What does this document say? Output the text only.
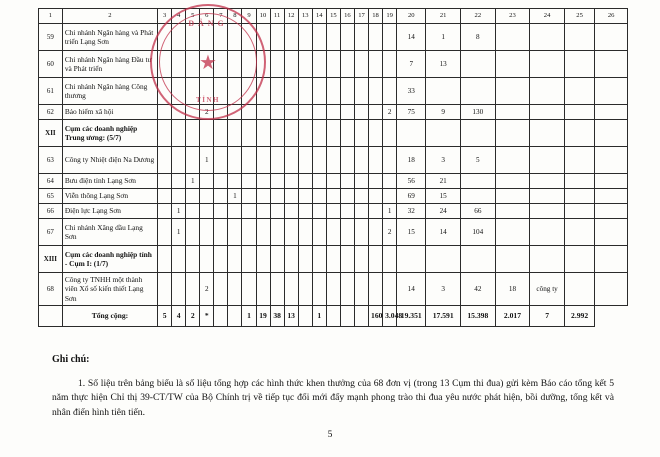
1	2	3	4	5	6	7	8	9	10	11	12	13	14	15	16	17	18	19	20	21	22	23	24	25	26
59	Chi nhánh Ngân hàng và Phát triển Lạng Sơn																		14	1	8				
60	Chi nhánh Ngân hàng Đầu tư và Phát triển																		7	13					
61	Chi nhánh Ngân hàng Công thương																		33						
62	Bảo hiểm xã hội				2													2	75	9	130				
XII	Cụm các doanh nghiệp Trung ương: (5/7)																								
63	Công ty Nhiệt điện Na Dương				1														18	3	5				
64	Bưu điện tỉnh Lạng Sơn			1															56	21					
65	Viễn thông Lạng Sơn						1												69	15					
66	Điện lực Lạng Sơn		1															1	32	24	66				
67	Chi nhánh Xăng dầu Lạng Sơn		1															2	15	14	104				
XIII	Cụm các doanh nghiệp tỉnh - Cụm I: (1/7)																								
68	Công ty TNHH một thành viên Xổ số kiến thiết Lạng Sơn				2														14	3	42	18	công ty		
	Tổng cộng:	5	4	2	*			1	19	38	13		1				160	3.048	19.351	17.591	15.398	2.017	7	2.992	
ĐẢNG
★
TỈNH
Ghi chú:
1. Số liệu trên bảng biểu là số liệu tổng hợp các hình thức khen thưởng của 68 đơn vị (trong 13 Cụm thi đua) gửi kèm Báo cáo tổng kết 5 năm thực hiện Chỉ thị 39-CT/TW của Bộ Chính trị về tiếp tục đổi mới đẩy mạnh phong trào thi đua yêu nước phát hiện, bồi dưỡng, tổng kết và nhân điển hình tiên tiến.
5
